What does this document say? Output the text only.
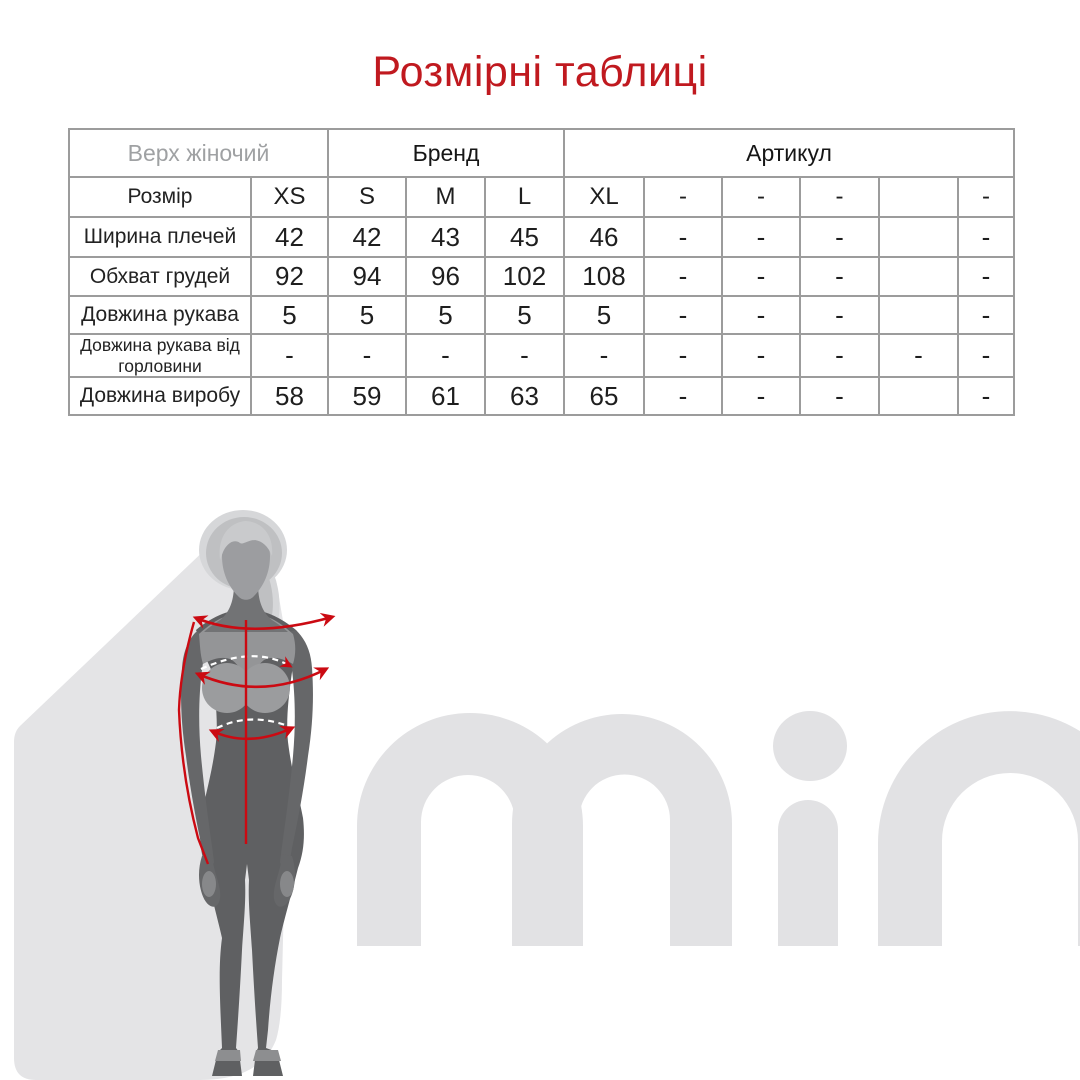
Розмірні таблиці
Верх жіночий		Бренд			Артикул					
Розмір	XS	S	M	L	XL	-	-	-		-
Ширина плечей	42	42	43	45	46	-	-	-		-
Обхват грудей	92	94	96	102	108	-	-	-		-
Довжина рукава	5	5	5	5	5	-	-	-		-
Довжина рукава від горловини	-	-	-	-	-	-	-	-	-	-
Довжина виробу	58	59	61	63	65	-	-	-		-
